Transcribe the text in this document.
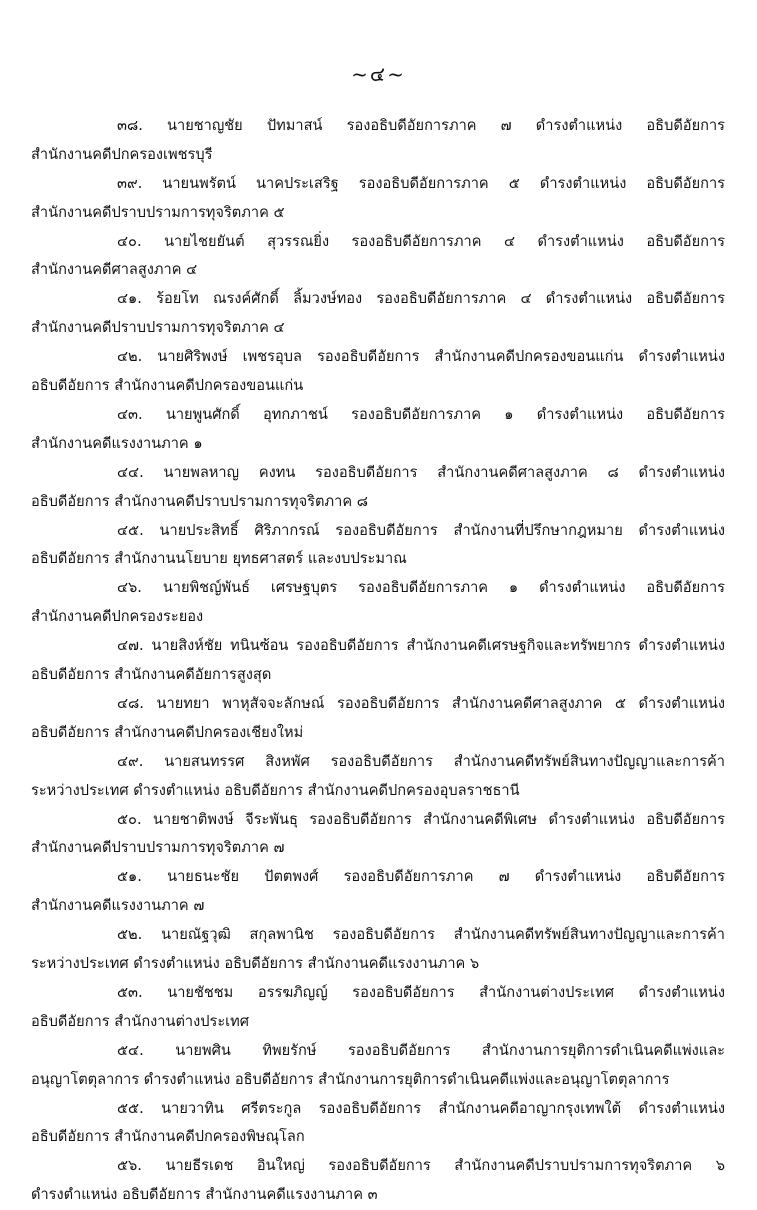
~๔~
๓๘. นายชาญชัย ปัทมาสน์ รองอธิบดีอัยการภาค ๗ ดำรงตำแหน่ง อธิบดีอัยการ
สำนักงานคดีปกครองเพชรบุรี
๓๙. นายนพรัตน์ นาคประเสริฐ รองอธิบดีอัยการภาค ๕ ดำรงตำแหน่ง อธิบดีอัยการ
สำนักงานคดีปราบปรามการทุจริตภาค ๕
๔๐. นายไชยยันต์ สุวรรณยิ่ง รองอธิบดีอัยการภาค ๔ ดำรงตำแหน่ง อธิบดีอัยการ
สำนักงานคดีศาลสูงภาค ๔
๔๑. ร้อยโท ณรงค์ศักดิ์ ลิ้มวงษ์ทอง รองอธิบดีอัยการภาค ๔ ดำรงตำแหน่ง อธิบดีอัยการ
สำนักงานคดีปราบปรามการทุจริตภาค ๔
๔๒. นายศิริพงษ์ เพชรอุบล รองอธิบดีอัยการ สำนักงานคดีปกครองขอนแก่น ดำรงตำแหน่ง
อธิบดีอัยการ สำนักงานคดีปกครองขอนแก่น
๔๓. นายพูนศักดิ์ อุทกภาชน์ รองอธิบดีอัยการภาค ๑ ดำรงตำแหน่ง อธิบดีอัยการ
สำนักงานคดีแรงงานภาค ๑
๔๔. นายพลหาญ คงทน รองอธิบดีอัยการ สำนักงานคดีศาลสูงภาค ๘ ดำรงตำแหน่ง
อธิบดีอัยการ สำนักงานคดีปราบปรามการทุจริตภาค ๘
๔๕. นายประสิทธิ์ ศิริภากรณ์ รองอธิบดีอัยการ สำนักงานที่ปรึกษากฎหมาย ดำรงตำแหน่ง
อธิบดีอัยการ สำนักงานนโยบาย ยุทธศาสตร์ และงบประมาณ
๔๖. นายพิชญ์พันธ์ เศรษฐบุตร รองอธิบดีอัยการภาค ๑ ดำรงตำแหน่ง อธิบดีอัยการ
สำนักงานคดีปกครองระยอง
๔๗. นายสิงห์ชัย ทนินซ้อน รองอธิบดีอัยการ สำนักงานคดีเศรษฐกิจและทรัพยากร ดำรงตำแหน่ง
อธิบดีอัยการ สำนักงานคดีอัยการสูงสุด
๔๘. นายทยา พาหุสัจจะลักษณ์ รองอธิบดีอัยการ สำนักงานคดีศาลสูงภาค ๕ ดำรงตำแหน่ง
อธิบดีอัยการ สำนักงานคดีปกครองเชียงใหม่
๔๙. นายสนทรรศ สิงหพัศ รองอธิบดีอัยการ สำนักงานคดีทรัพย์สินทางปัญญาและการค้า
ระหว่างประเทศ ดำรงตำแหน่ง อธิบดีอัยการ สำนักงานคดีปกครองอุบลราชธานี
๕๐. นายชาติพงษ์ จีระพันธุ รองอธิบดีอัยการ สำนักงานคดีพิเศษ ดำรงตำแหน่ง อธิบดีอัยการ
สำนักงานคดีปราบปรามการทุจริตภาค ๗
๕๑. นายธนะชัย ปัตตพงศ์ รองอธิบดีอัยการภาค ๗ ดำรงตำแหน่ง อธิบดีอัยการ
สำนักงานคดีแรงงานภาค ๗
๕๒. นายณัฐวุฒิ สกุลพานิช รองอธิบดีอัยการ สำนักงานคดีทรัพย์สินทางปัญญาและการค้า
ระหว่างประเทศ ดำรงตำแหน่ง อธิบดีอัยการ สำนักงานคดีแรงงานภาค ๖
๕๓. นายชัชชม อรรฆภิญญ์ รองอธิบดีอัยการ สำนักงานต่างประเทศ ดำรงตำแหน่ง
อธิบดีอัยการ สำนักงานต่างประเทศ
๕๔. นายพศิน ทิพยรักษ์ รองอธิบดีอัยการ สำนักงานการยุติการดำเนินคดีแพ่งและ
อนุญาโตตุลาการ ดำรงตำแหน่ง อธิบดีอัยการ สำนักงานการยุติการดำเนินคดีแพ่งและอนุญาโตตุลาการ
๕๕. นายวาทิน ศรีตระกูล รองอธิบดีอัยการ สำนักงานคดีอาญากรุงเทพใต้ ดำรงตำแหน่ง
อธิบดีอัยการ สำนักงานคดีปกครองพิษณุโลก
๕๖. นายธีรเดช อินใหญ่ รองอธิบดีอัยการ สำนักงานคดีปราบปรามการทุจริตภาค ๖
ดำรงตำแหน่ง อธิบดีอัยการ สำนักงานคดีแรงงานภาค ๓
